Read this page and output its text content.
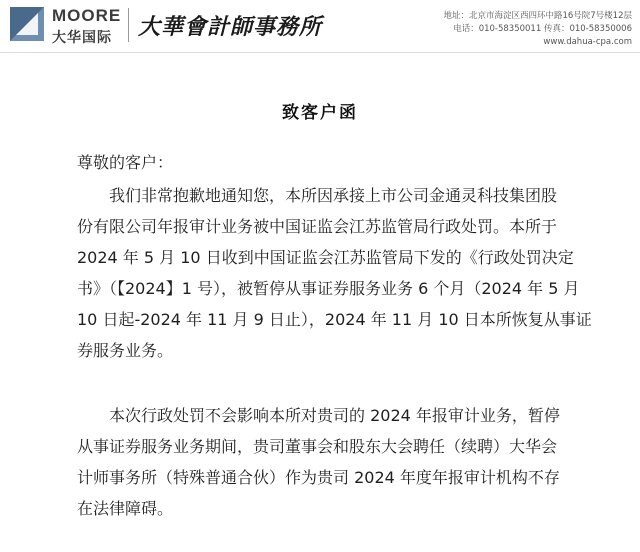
MOORE
大华国际 大華會計師事務所	地址：北京市海淀区西四环中路16号院7号楼12层
电话：010-58350011 传真：010-58350006
www.dahua-cpa.com
致客户函
尊敬的客户：
我们非常抱歉地通知您，本所因承接上市公司金通灵科技集团股
份有限公司年报审计业务被中国证监会江苏监管局行政处罚。本所于
2024 年 5 月 10 日收到中国证监会江苏监管局下发的《行政处罚决定
书》（【2024】1 号），被暂停从事证券服务业务 6 个月（2024 年 5 月
10 日起-2024 年 11 月 9 日止），2024 年 11 月 10 日本所恢复从事证
券服务业务。
本次行政处罚不会影响本所对贵司的 2024 年报审计业务，暂停
从事证券服务业务期间，贵司董事会和股东大会聘任（续聘）大华会
计师事务所（特殊普通合伙）作为贵司 2024 年度年报审计机构不存
在法律障碍。
